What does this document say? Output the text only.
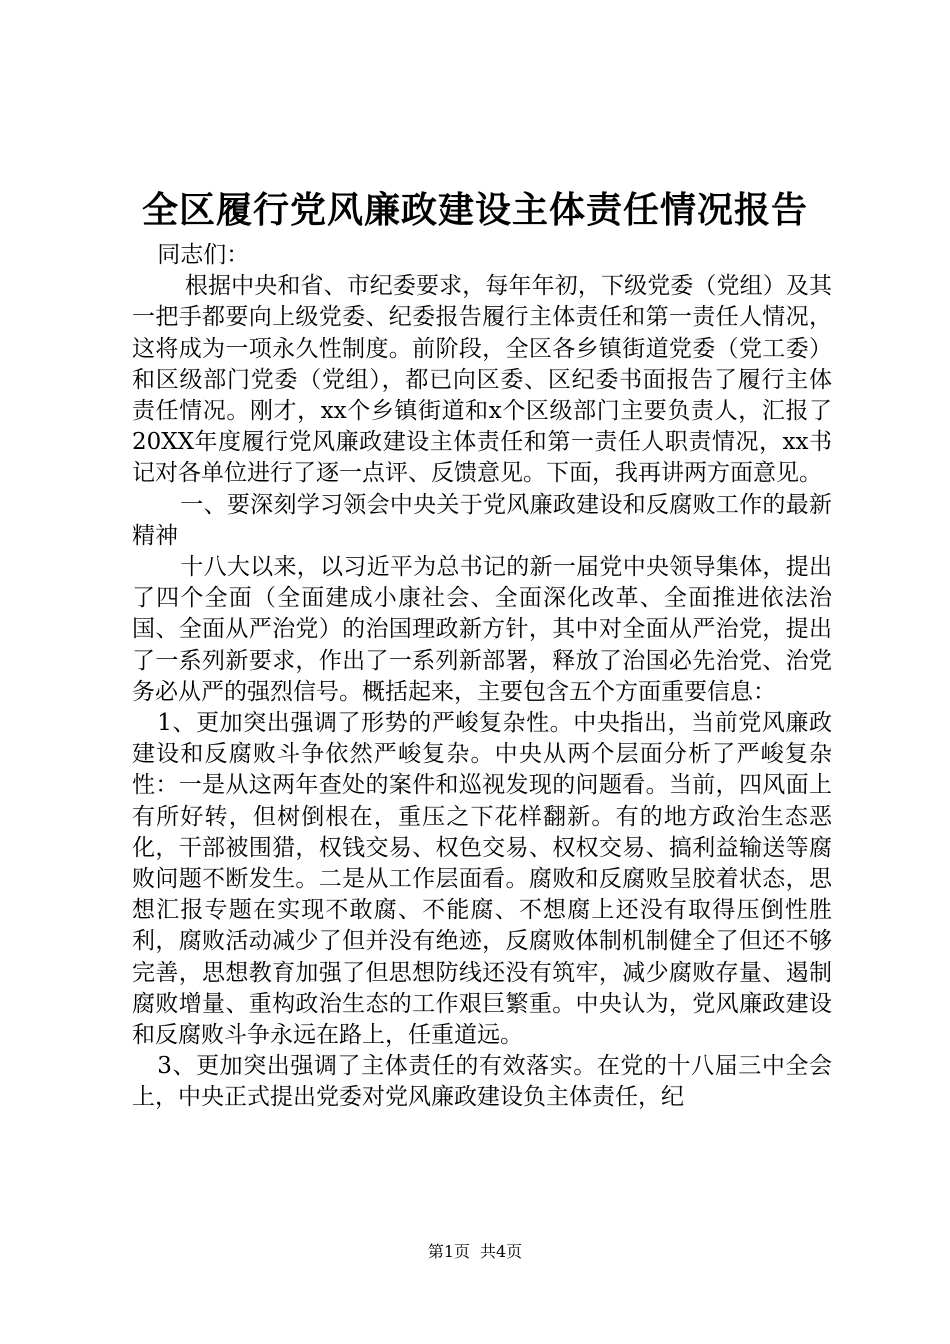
全区履行党风廉政建设主体责任情况报告

同志们：

根据中央和省、市纪委要求，每年年初，下级党委（党组）及其一把手都要向上级党委、纪委报告履行主体责任和第一责任人情况，这将成为一项永久性制度。前阶段，全区各乡镇街道党委（党工委）和区级部门党委（党组），都已向区委、区纪委书面报告了履行主体责任情况。刚才，xx个乡镇街道和x个区级部门主要负责人，汇报了20XX年度履行党风廉政建设主体责任和第一责任人职责情况，xx书记对各单位进行了逐一点评、反馈意见。下面，我再讲两方面意见。

一、要深刻学习领会中央关于党风廉政建设和反腐败工作的最新精神

十八大以来，以习近平为总书记的新一届党中央领导集体，提出了四个全面（全面建成小康社会、全面深化改革、全面推进依法治国、全面从严治党）的治国理政新方针，其中对全面从严治党，提出了一系列新要求，作出了一系列新部署，释放了治国必先治党、治党务必从严的强烈信号。概括起来，主要包含五个方面重要信息：

1、更加突出强调了形势的严峻复杂性。中央指出，当前党风廉政建设和反腐败斗争依然严峻复杂。中央从两个层面分析了严峻复杂性：一是从这两年查处的案件和巡视发现的问题看。当前，四风面上有所好转，但树倒根在，重压之下花样翻新。有的地方政治生态恶化，干部被围猎，权钱交易、权色交易、权权交易、搞利益输送等腐败问题不断发生。二是从工作层面看。腐败和反腐败呈胶着状态，思想汇报专题在实现不敢腐、不能腐、不想腐上还没有取得压倒性胜利，腐败活动减少了但并没有绝迹，反腐败体制机制健全了但还不够完善，思想教育加强了但思想防线还没有筑牢，减少腐败存量、遏制腐败增量、重构政治生态的工作艰巨繁重。中央认为，党风廉政建设和反腐败斗争永远在路上，任重道远。

3、更加突出强调了主体责任的有效落实。在党的十八届三中全会上，中央正式提出党委对党风廉政建设负主体责任，纪

第1页 共4页
